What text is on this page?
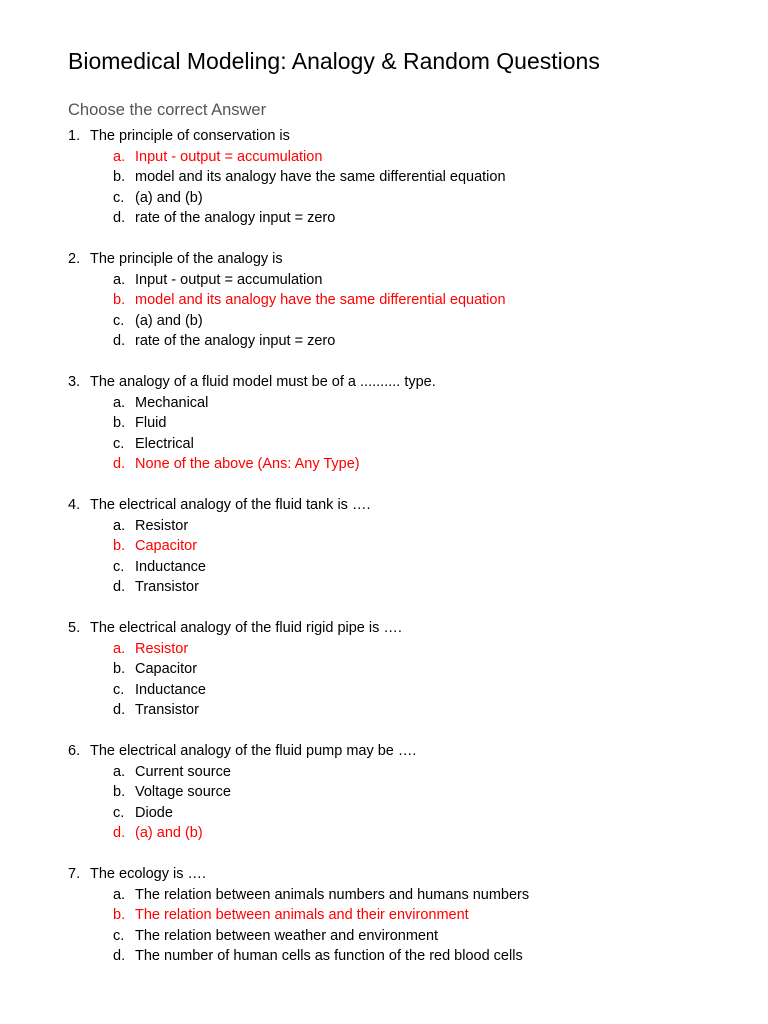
Biomedical Modeling: Analogy & Random Questions
Choose the correct Answer
1. The principle of conservation is
a. Input - output = accumulation
b. model and its analogy have the same differential equation
c. (a) and (b)
d. rate of the analogy input = zero
2. The principle of the analogy is
a. Input - output = accumulation
b. model and its analogy have the same differential equation
c. (a) and (b)
d. rate of the analogy input = zero
3. The analogy of a fluid model must be of a .......... type.
a. Mechanical
b. Fluid
c. Electrical
d. None of the above (Ans: Any Type)
4. The electrical analogy of the fluid tank is ….
a. Resistor
b. Capacitor
c. Inductance
d. Transistor
5. The electrical analogy of the fluid rigid pipe is ….
a. Resistor
b. Capacitor
c. Inductance
d. Transistor
6. The electrical analogy of the fluid pump may be ….
a. Current source
b. Voltage source
c. Diode
d. (a) and (b)
7. The ecology is ….
a. The relation between animals numbers and humans numbers
b. The relation between animals and their environment
c. The relation between weather and environment
d. The number of human cells as function of the red blood cells
